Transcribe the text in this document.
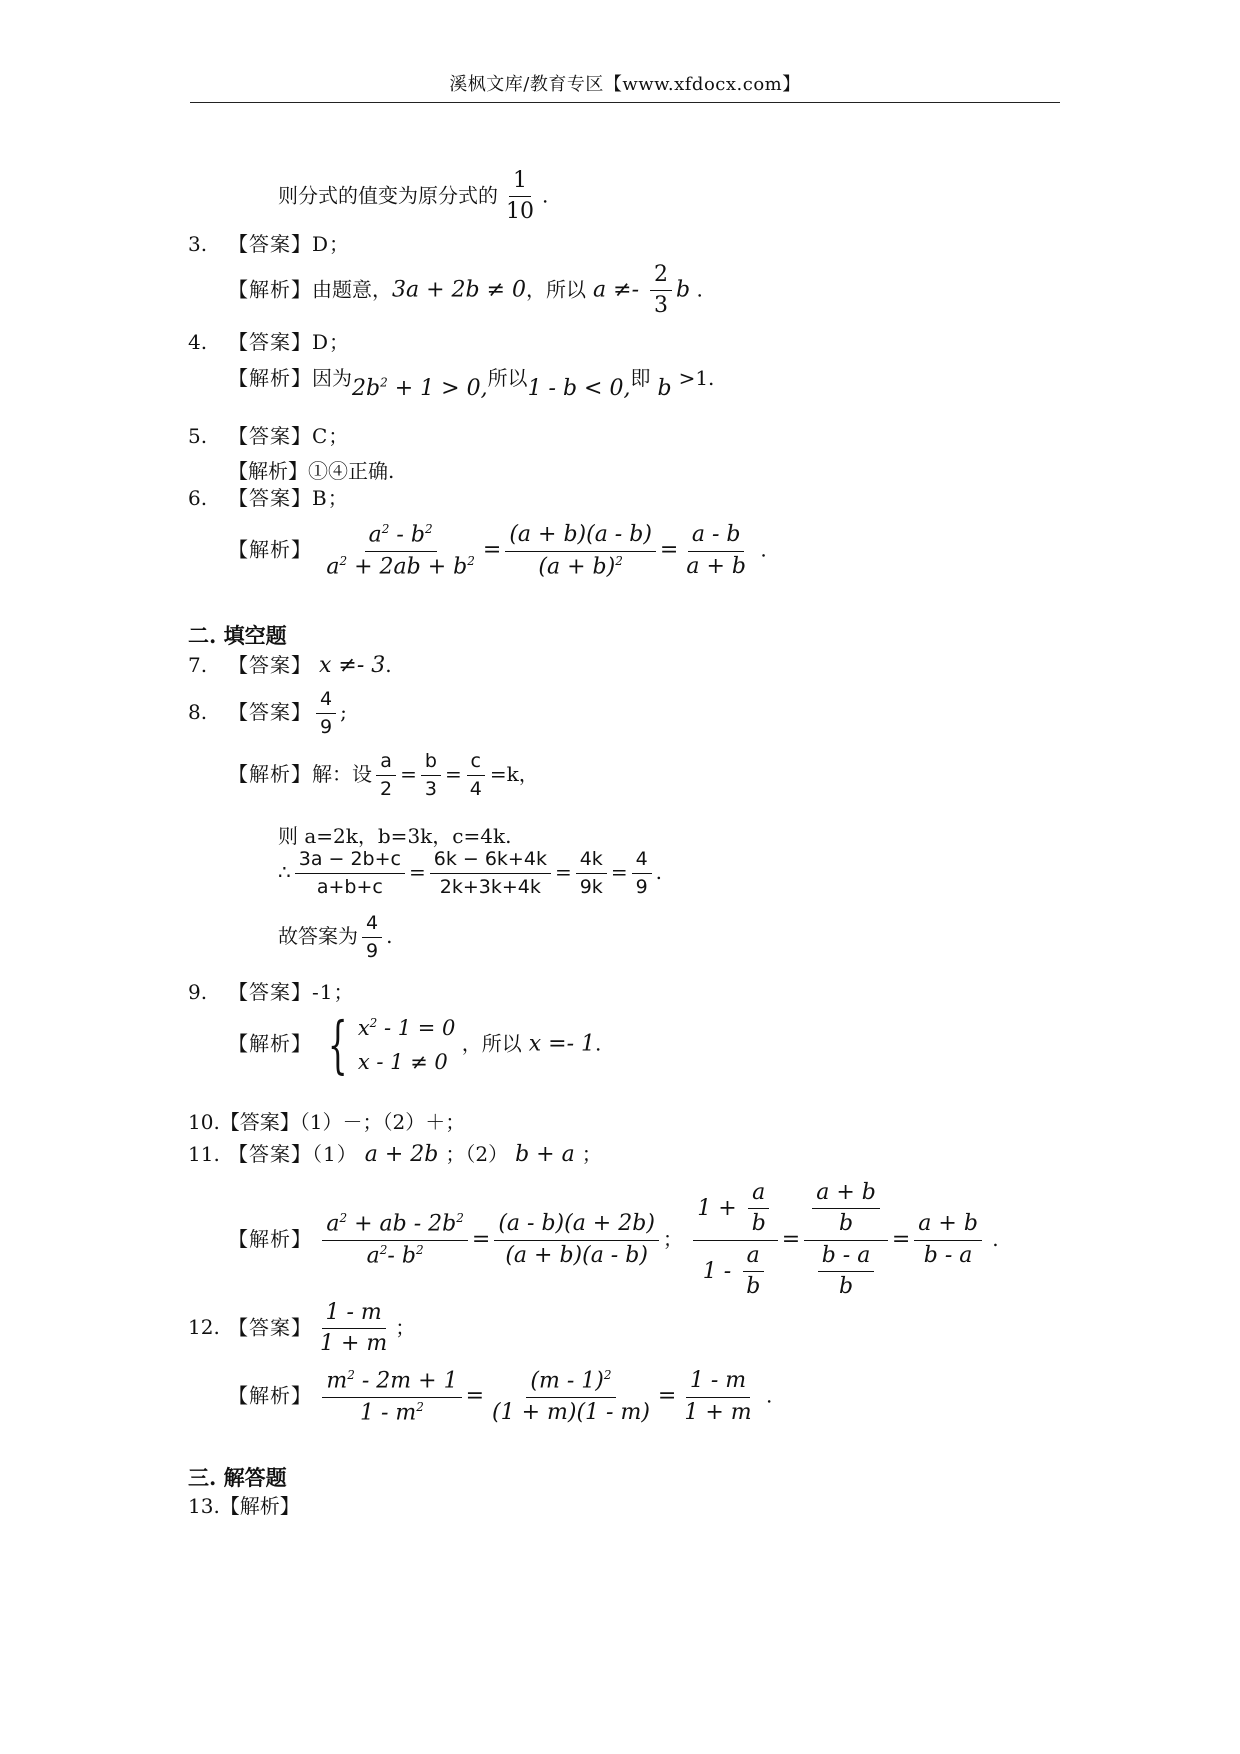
溪枫文库/教育专区【www.xfdocx.com】
则分式的值变为原分式的 $\frac{1}{10}$ .
3. 【答案】D；
【解析】由题意，3a + 2b ≠ 0，所以 $a \ne- \frac{2}{3}$ b .
4. 【答案】D；
【解析】因为$2b^2 + 1 > 0$,所以1 - b < 0,即 b >1.
5. 【答案】C；
【解析】①④正确.
6. 【答案】B；
【解析】 $\frac{a^2 - b^2}{a^2 + 2ab + b^2} = \frac{(a + b)(a - b)}{(a + b)^2} = \frac{a - b}{a + b}$ .
二. 填空题
7. 【答案】 x ≠- 3.
8. 【答案】 $\frac{4}{9}$ ;
【解析】解：设 $\frac{a}{2} = \frac{b}{3} = \frac{c}{4} =k$，
则 a=2k，b=3k，c=4k.
∴ $\frac{3a - 2b+c}{a+b+c} = \frac{6k - 6k+4k}{2k+3k+4k} = \frac{4k}{9k} = \frac{4}{9}$ .
故答案为 $\frac{4}{9}$ .
9. 【答案】-1；
【解析】 { $x^2 - 1 = 0$
x - 1 ≠ 0
，所以 x =- 1.
10.【答案】（1）－；（2）＋；
11. 【答案】（1） a + 2b ；（2） b + a ；
【解析】 $\frac{a^2 + ab - 2b^2}{a^2- b^2} = \frac{(a - b)(a + 2b)}{(a + b)(a - b)}$ ； $\frac{1 + \frac{a}{b}}{1 - \frac{a}{b}} = \frac{\frac{a + b}{b}}{\frac{b - a}{b}} = \frac{a + b}{b - a}$ .
12. 【答案】 $\frac{1 - m}{1 + m}$ ；
【解析】 $\frac{m^2 - 2m + 1}{1 - m^2} = \frac{(m - 1)^2}{(1 + m)(1 - m)} = \frac{1 - m}{1 + m}$ .
三. 解答题
13.【解析】
